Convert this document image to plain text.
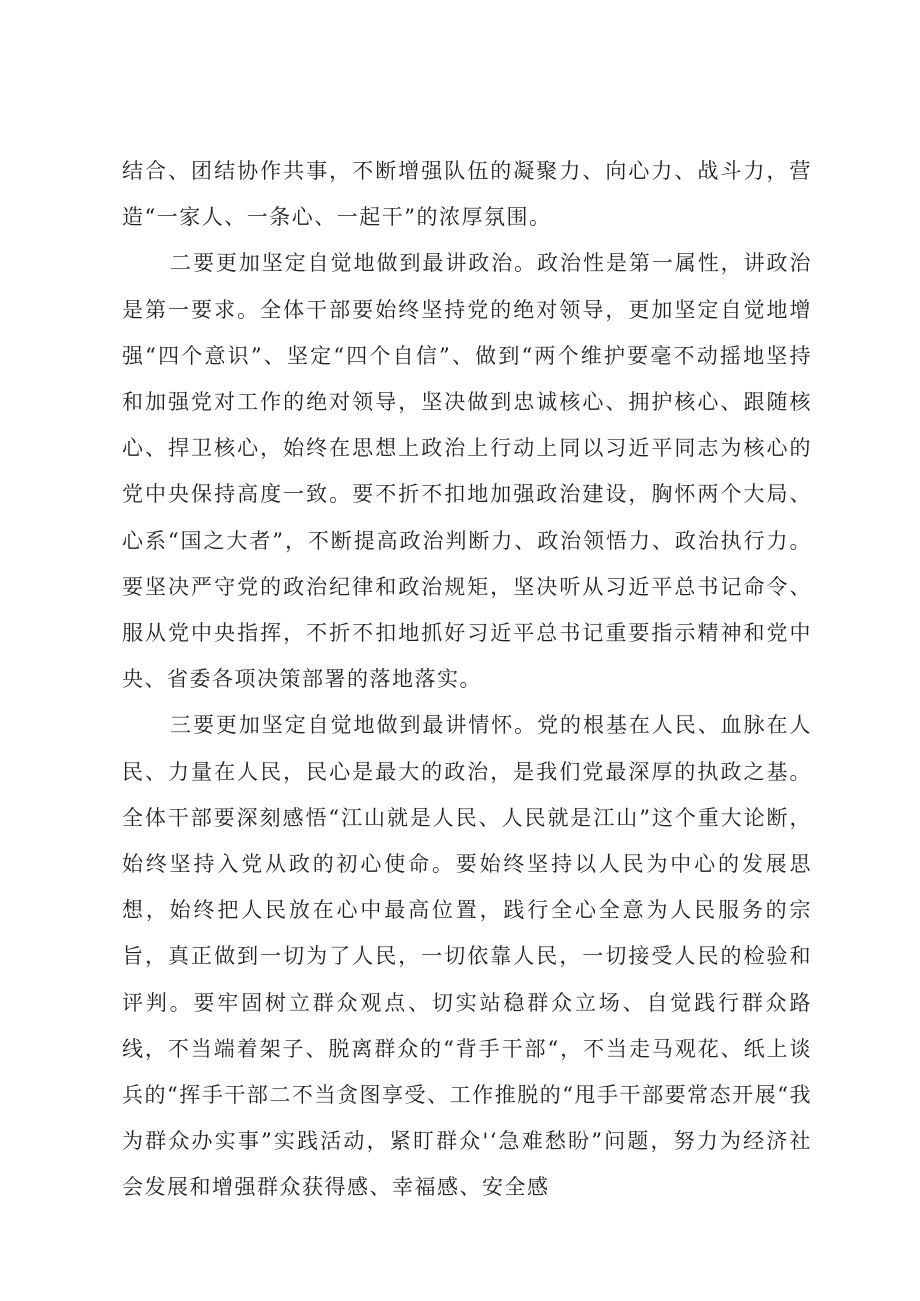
结合、团结协作共事，不断增强队伍的凝聚力、向心力、战斗力，营造“一家人、一条心、一起干”的浓厚氛围。

二要更加坚定自觉地做到最讲政治。政治性是第一属性，讲政治是第一要求。全体干部要始终坚持党的绝对领导，更加坚定自觉地增强“四个意识”、坚定“四个自信”、做到“两个维护要毫不动摇地坚持和加强党对工作的绝对领导，坚决做到忠诚核心、拥护核心、跟随核心、捍卫核心，始终在思想上政治上行动上同以习近平同志为核心的党中央保持高度一致。要不折不扣地加强政治建设，胸怀两个大局、心系“国之大者”，不断提高政治判断力、政治领悟力、政治执行力。要坚决严守党的政治纪律和政治规矩，坚决听从习近平总书记命令、服从党中央指挥，不折不扣地抓好习近平总书记重要指示精神和党中央、省委各项决策部署的落地落实。

三要更加坚定自觉地做到最讲情怀。党的根基在人民、血脉在人民、力量在人民，民心是最大的政治，是我们党最深厚的执政之基。全体干部要深刻感悟“江山就是人民、人民就是江山”这个重大论断，始终坚持入党从政的初心使命。要始终坚持以人民为中心的发展思想，始终把人民放在心中最高位置，践行全心全意为人民服务的宗旨，真正做到一切为了人民，一切依靠人民，一切接受人民的检验和评判。要牢固树立群众观点、切实站稳群众立场、自觉践行群众路线，不当端着架子、脱离群众的“背手干部“，不当走马观花、纸上谈兵的“挥手干部二不当贪图享受、工作推脱的“甩手干部要常态开展“我为群众办实事”实践活动，紧盯群众'‘急难愁盼”问题，努力为经济社会发展和增强群众获得感、幸福感、安全感
